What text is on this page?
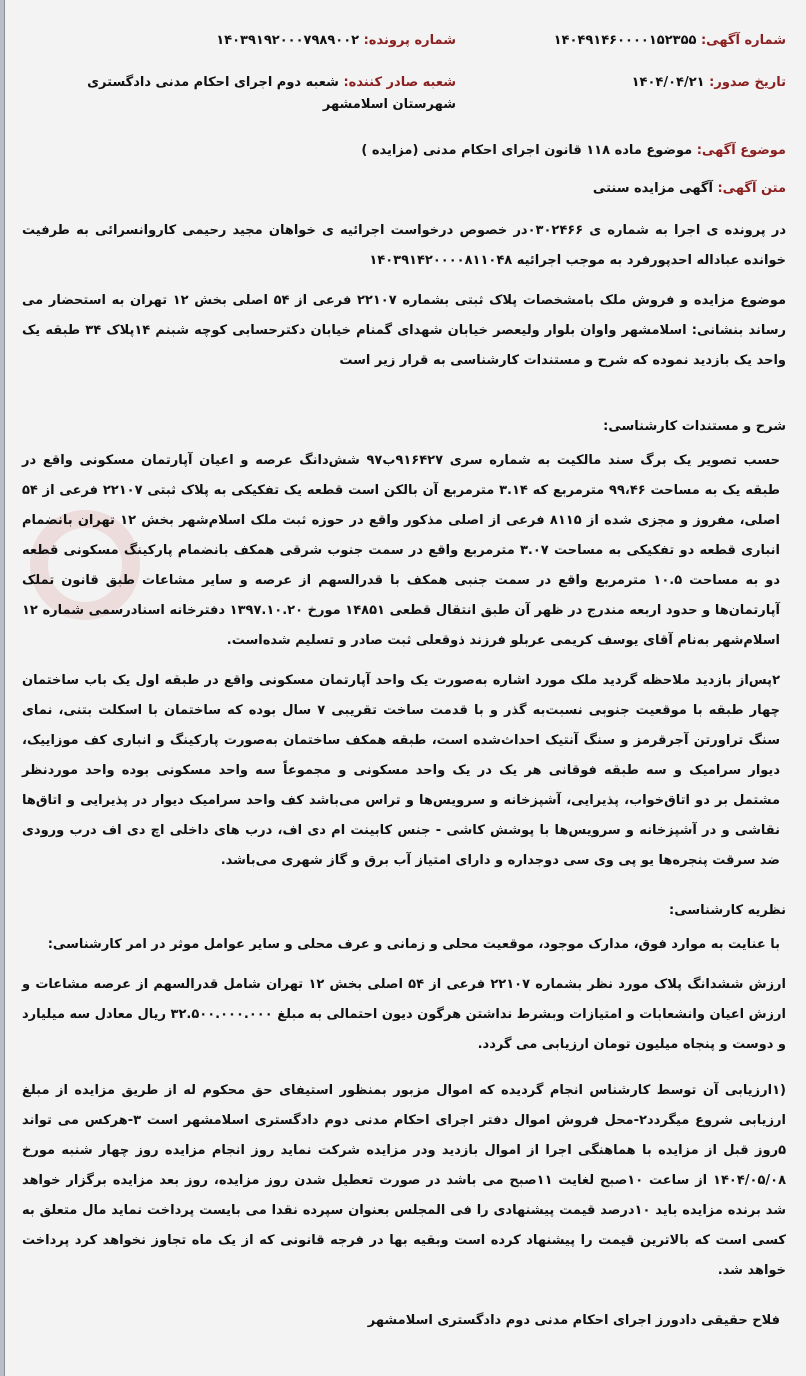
شماره آگهی: ۱۴۰۴۹۱۴۶۰۰۰۰۱۵۲۳۵۵
شماره پرونده: ۱۴۰۳۹۱۹۲۰۰۰۷۹۸۹۰۰۲
تاریخ صدور: ۱۴۰۴/۰۴/۲۱
شعبه صادر کننده: شعبه دوم اجرای احکام مدنی دادگستری شهرستان اسلامشهر
موضوع آگهی: موضوع ماده ۱۱۸ قانون اجرای احکام مدنی (مزایده )
متن آگهی: آگهی مزایده سنتی

در پرونده ی اجرا به شماره ی ۰۳۰۲۴۶۶در خصوص درخواست اجرائیه ی خواهان مجید رحیمی کاروانسرائی به طرفیت خوانده عباداله احدپورفرد به موجب اجرائیه ۱۴۰۳۹۱۴۲۰۰۰۰۸۱۱۰۴۸

موضوع مزایده و فروش ملک بامشخصات پلاک ثبتی بشماره ۲۲۱۰۷ فرعی از ۵۴ اصلی بخش ۱۲ تهران به استحضار می رساند بنشانی: اسلامشهر واوان بلوار ولیعصر خیابان شهدای گمنام خیابان دکترحسابی کوچه شبنم ۱۴پلاک ۳۴ طبقه یک واحد یک بازدید نموده که شرح و مستندات کارشناسی به قرار زیر است

شرح و مستندات کارشناسی:

حسب تصویر یک برگ سند مالکیت به شماره سری ۹۱۶۴۲۷ب۹۷ شش‌دانگ عرصه و اعیان آپارتمان مسکونی واقع در طبقه یک به مساحت ۹۹،۴۶ مترمربع که ۳.۱۴ مترمربع آن بالکن است قطعه یک تفکیکی به پلاک ثبتی ۲۲۱۰۷ فرعی از ۵۴ اصلی، مفروز و مجزی شده از ۸۱۱۵ فرعی از اصلی مذکور واقع در حوزه ثبت ملک اسلام‌شهر بخش ۱۲ تهران بانضمام انباری قطعه دو تفکیکی به مساحت ۳.۰۷ مترمربع واقع در سمت جنوب شرقی همکف بانضمام پارکینگ مسکونی قطعه دو به مساحت ۱۰.۵ مترمربع واقع در سمت جنبی همکف با قدرالسهم از عرصه و سایر مشاعات طبق قانون تملک آپارتمان‌ها و حدود اربعه مندرج در ظهر آن طبق انتقال قطعی ۱۴۸۵۱ مورخ ۱۳۹۷.۱۰.۲۰ دفترخانه اسنادرسمی شماره ۱۲ اسلام‌شهر به‌نام آقای یوسف کریمی عربلو فرزند ذوقعلی ثبت صادر و تسلیم شده‌است.

۲پس‌از بازدید ملاحظه گردید ملک مورد اشاره به‌صورت یک واحد آپارتمان مسکونی واقع در طبقه اول یک باب ساختمان چهار طبقه با موقعیت جنوبی نسبت‌به گذر و با قدمت ساخت تقریبی ۷ سال بوده که ساختمان با اسکلت بتنی، نمای سنگ تراورتن آجرقرمز و سنگ آنتیک احداث‌شده است، طبقه همکف ساختمان به‌صورت پارکینگ و انباری کف موزاییک، دیوار سرامیک و سه طبقه فوقانی هر یک در یک واحد مسکونی و مجموعاً سه واحد مسکونی بوده واحد موردنظر مشتمل بر دو اتاق‌خواب، پذیرایی، آشپزخانه و سرویس‌ها و تراس می‌باشد کف واحد سرامیک دیوار در پذیرایی و اتاق‌ها نقاشی و در آشپزخانه و سرویس‌ها با پوشش کاشی - جنس کابینت ام دی اف، درب های داخلی اچ دی اف درب ورودی ضد سرقت پنجره‌ها یو پی وی سی دوجداره و دارای امتیاز آب برق و گاز شهری می‌باشد.

نظریه کارشناسی:

با عنایت به موارد فوق، مدارک موجود، موقعیت محلی و زمانی و عرف محلی و سایر عوامل موثر در امر کارشناسی:

ارزش ششدانگ پلاک مورد نظر بشماره ۲۲۱۰۷ فرعی از ۵۴ اصلی بخش ۱۲ تهران شامل قدرالسهم از عرصه مشاعات و ارزش اعیان وانشعابات و امتیازات وبشرط نداشتن هرگون دیون احتمالی به مبلغ ۳۲.۵۰۰.۰۰۰.۰۰۰ ریال معادل سه میلیارد و دوست و پنجاه میلیون تومان ارزیابی می گردد.

(۱ارزیابی آن توسط کارشناس انجام گردیده که اموال مزبور بمنظور استیفای حق محکوم له از طریق مزایده از مبلغ ارزیابی شروع میگردد۲-محل فروش اموال دفتر اجرای احکام مدنی دوم دادگستری اسلامشهر است ۳-هرکس می تواند ۵روز قبل از مزایده با هماهنگی اجرا از اموال بازدید ودر مزایده شرکت نماید روز انجام مزایده روز چهار شنبه مورخ ۱۴۰۴/۰۵/۰۸ از ساعت ۱۰صبح لغایت ۱۱صبح می باشد در صورت تعطیل شدن روز مزایده، روز بعد مزایده برگزار خواهد شد برنده مزایده باید ۱۰درصد قیمت پیشنهادی را فی المجلس بعنوان سپرده نقدا می بایست پرداخت نماید مال متعلق به کسی است که بالاترین قیمت را پیشنهاد کرده است وبقیه بها در فرجه قانونی که از یک ماه تجاوز نخواهد کرد پرداخت خواهد شد.

فلاح حقیقی دادورز اجرای احکام مدنی دوم دادگستری اسلامشهر
